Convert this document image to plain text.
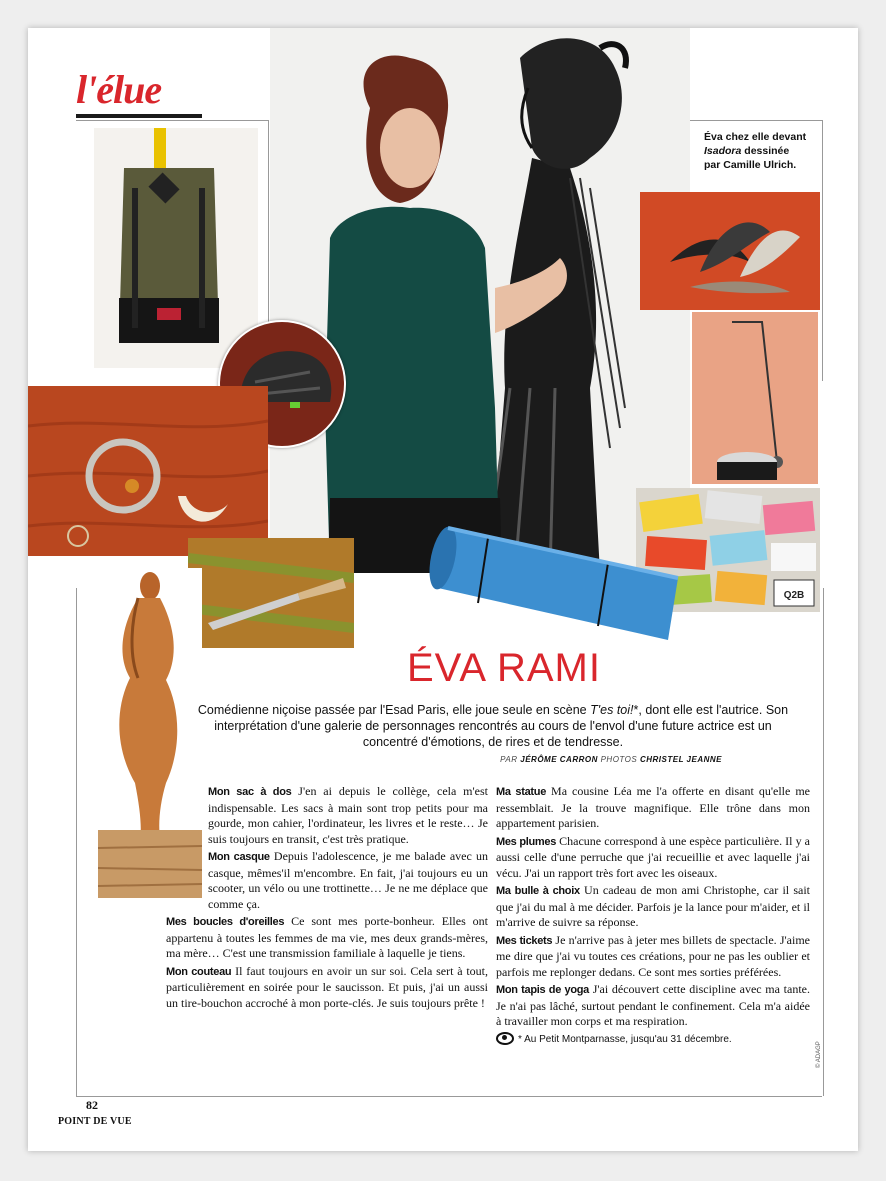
l'élue
Éva chez elle devant
Isadora dessinée
par Camille Ulrich.
Q2B
ÉVA RAMI
Comédienne niçoise passée par l'Esad Paris, elle joue seule en scène T'es toi!*, dont elle est l'autrice. Son interprétation d'une galerie de personnages rencontrés au cours de l'envol d'une future actrice est un concentré d'émotions, de rires et de tendresse.
PAR JÉRÔME CARRON PHOTOS CHRISTEL JEANNE

Mon sac à dos J'en ai depuis le collège, cela m'est indispensable. Les sacs à main sont trop petits pour ma gourde, mon cahier, l'ordinateur, les livres et le reste… Je suis toujours en transit, c'est très pratique.

Mon casque Depuis l'adolescence, je me balade avec un casque, mêmes'il m'encombre. En fait, j'ai toujours eu un scooter, un vélo ou une trottinette… Je ne me déplace que comme ça.

Mes boucles d'oreilles Ce sont mes porte-bonheur. Elles ont appartenu à toutes les femmes de ma vie, mes deux grands-mères, ma mère… C'est une transmission familiale à laquelle je tiens.

Mon couteau Il faut toujours en avoir un sur soi. Cela sert à tout, particulièrement en soirée pour le saucisson. Et puis, j'ai un aussi un tire-bouchon accroché à mon porte-clés. Je suis toujours prête !

Ma statue Ma cousine Léa me l'a offerte en disant qu'elle me ressemblait. Je la trouve magnifique. Elle trône dans mon appartement parisien.

Mes plumes Chacune correspond à une espèce particulière. Il y a aussi celle d'une perruche que j'ai recueillie et avec laquelle j'ai vécu. J'ai un rapport très fort avec les oiseaux.

Ma bulle à choix Un cadeau de mon ami Christophe, car il sait que j'ai du mal à me décider. Parfois je la lance pour m'aider, et il m'arrive de suivre sa réponse.

Mes tickets Je n'arrive pas à jeter mes billets de spectacle. J'aime me dire que j'ai vu toutes ces créations, pour ne pas les oublier et parfois me replonger dedans. Ce sont mes sorties préférées.

Mon tapis de yoga J'ai découvert cette discipline avec ma tante. Je n'ai pas lâché, surtout pendant le confinement. Cela m'a aidée à travailler mon corps et ma respiration.

* Au Petit Montparnasse, jusqu'au 31 décembre.

82
POINT DE VUE
© ADAGP
